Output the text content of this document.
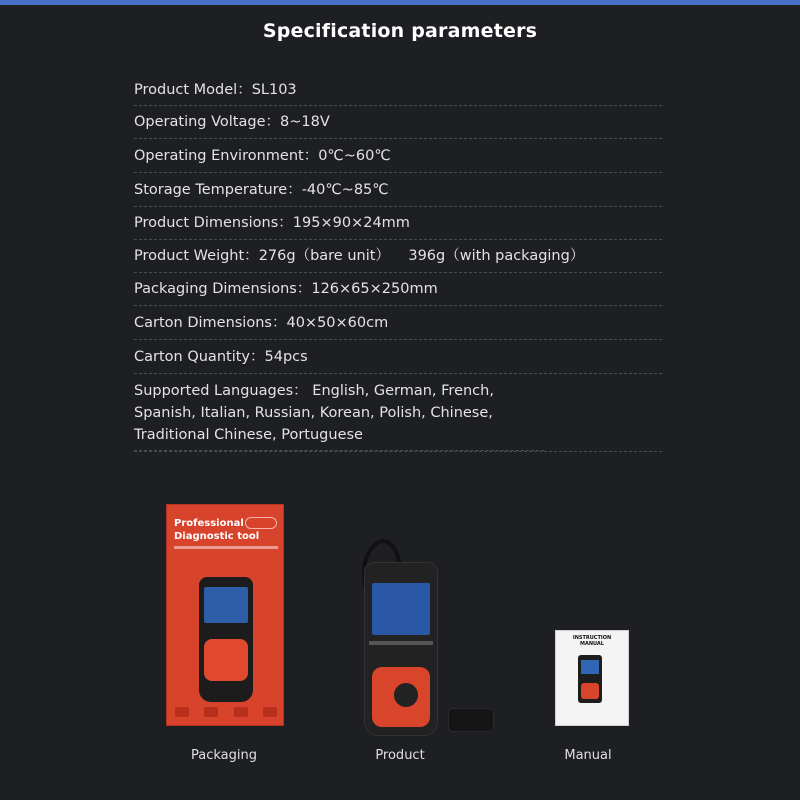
Specification parameters
Product Model： SL103
Operating Voltage： 8~18V
Operating Environment： 0℃~60℃
Storage Temperature： -40℃~85℃
Product Dimensions： 195×90×24mm
Product Weight： 276g（bare unit）    396g（with packaging）
Packaging Dimensions： 126×65×250mm
Carton Dimensions： 40×50×60cm
Carton Quantity： 54pcs
Supported Languages： English, German, French, Spanish, Italian, Russian, Korean, Polish, Chinese, Traditional Chinese, Portuguese
Professional
Diagnostic tool
Packaging	Product
INSTRUCTION MANUAL
Manual
